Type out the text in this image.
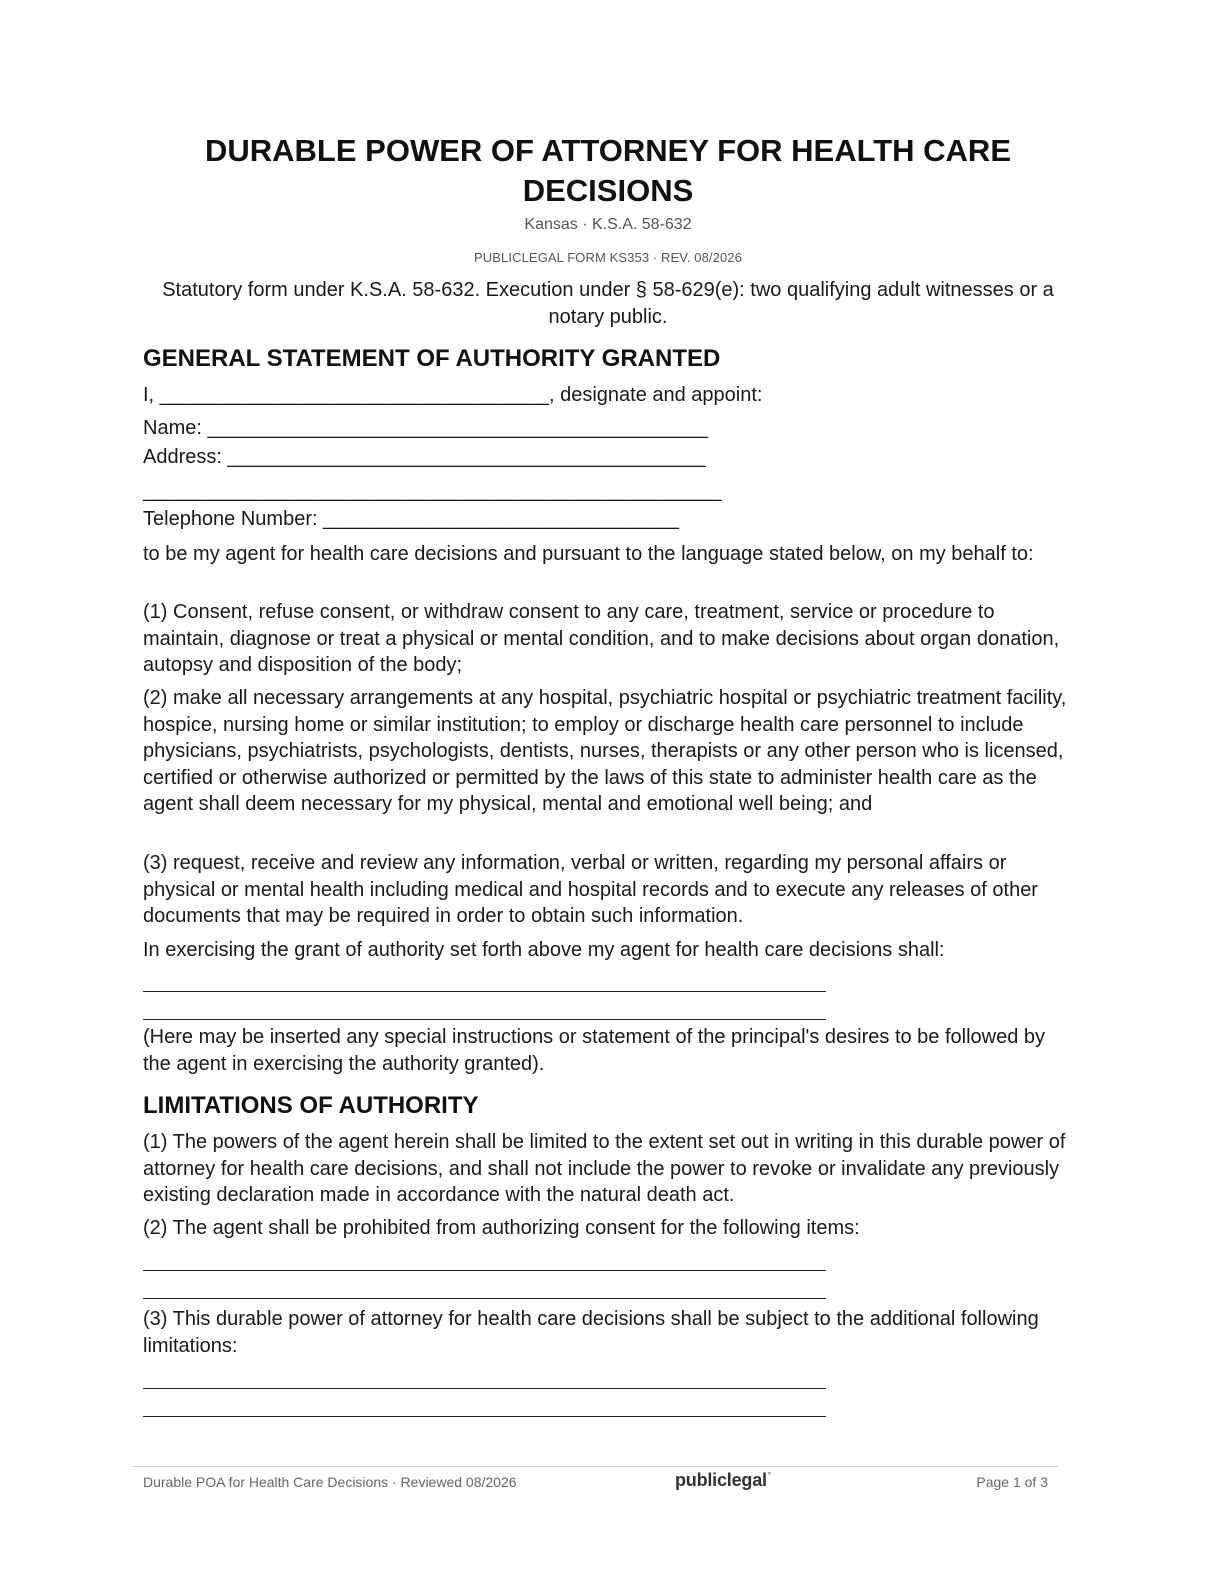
DURABLE POWER OF ATTORNEY FOR HEALTH CARE DECISIONS
Kansas · K.S.A. 58-632
PUBLICLEGAL FORM KS353 · REV. 08/2026
Statutory form under K.S.A. 58-632. Execution under § 58-629(e): two qualifying adult witnesses or a notary public.
GENERAL STATEMENT OF AUTHORITY GRANTED
I, ___________________________________, designate and appoint:
Name: _____________________________________________
Address: ___________________________________________
____________________________________________________
Telephone Number: ________________________________
to be my agent for health care decisions and pursuant to the language stated below, on my behalf to:
(1) Consent, refuse consent, or withdraw consent to any care, treatment, service or procedure to maintain, diagnose or treat a physical or mental condition, and to make decisions about organ donation, autopsy and disposition of the body;
(2) make all necessary arrangements at any hospital, psychiatric hospital or psychiatric treatment facility, hospice, nursing home or similar institution; to employ or discharge health care personnel to include physicians, psychiatrists, psychologists, dentists, nurses, therapists or any other person who is licensed, certified or otherwise authorized or permitted by the laws of this state to administer health care as the agent shall deem necessary for my physical, mental and emotional well being; and
(3) request, receive and review any information, verbal or written, regarding my personal affairs or physical or mental health including medical and hospital records and to execute any releases of other documents that may be required in order to obtain such information.
In exercising the grant of authority set forth above my agent for health care decisions shall:
(Here may be inserted any special instructions or statement of the principal's desires to be followed by the agent in exercising the authority granted).
LIMITATIONS OF AUTHORITY
(1) The powers of the agent herein shall be limited to the extent set out in writing in this durable power of attorney for health care decisions, and shall not include the power to revoke or invalidate any previously existing declaration made in accordance with the natural death act.
(2) The agent shall be prohibited from authorizing consent for the following items:
(3) This durable power of attorney for health care decisions shall be subject to the additional following limitations:
Durable POA for Health Care Decisions · Reviewed 08/2026	publiclegal°	Page 1 of 3
